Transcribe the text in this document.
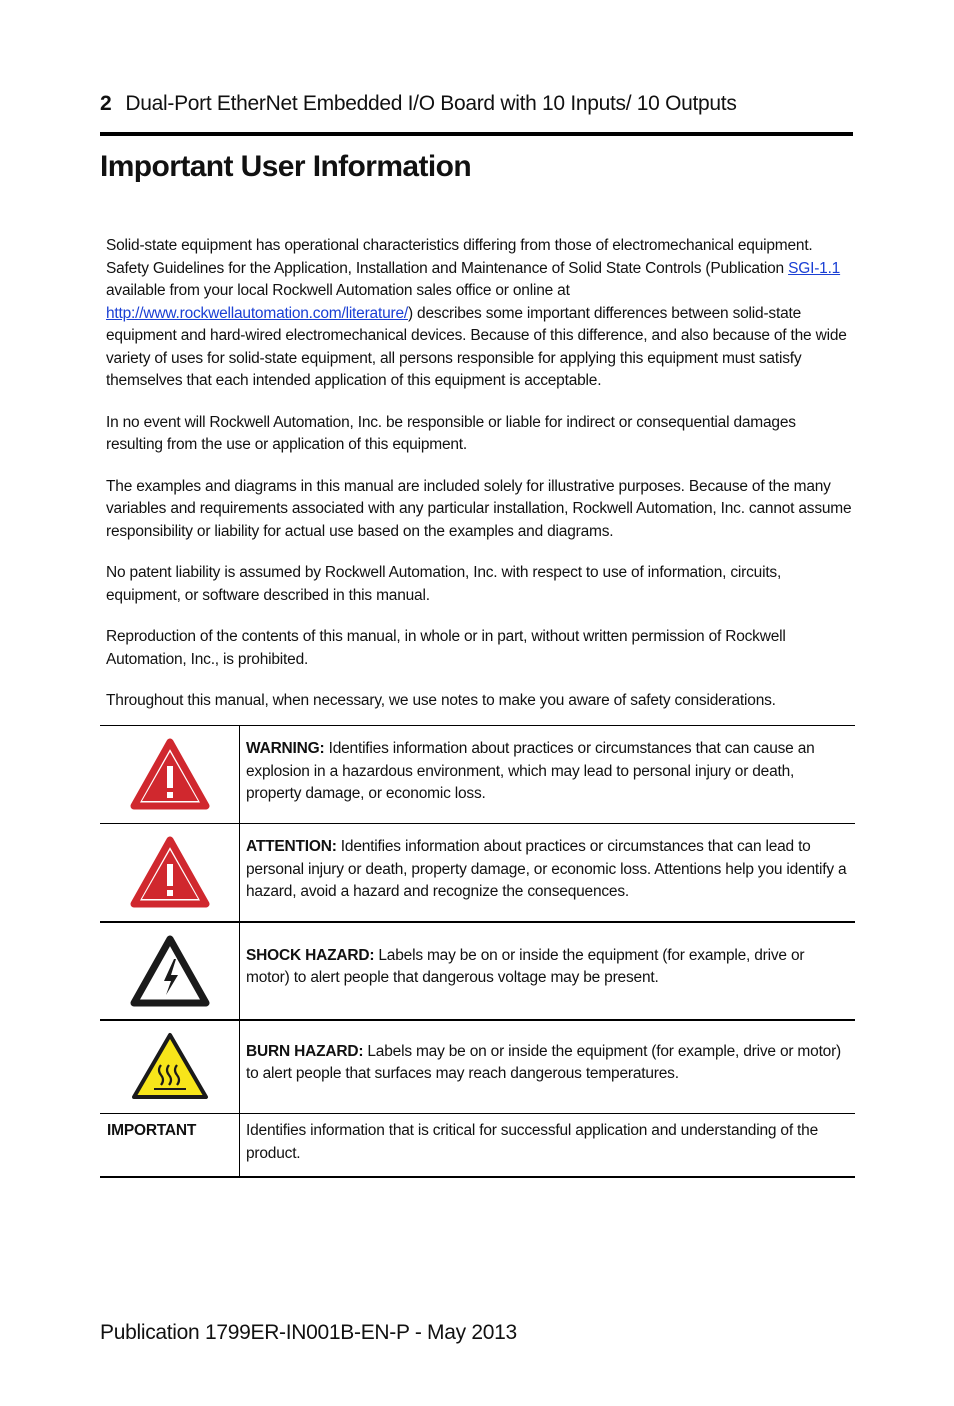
2 Dual-Port EtherNet Embedded I/O Board with 10 Inputs/ 10 Outputs
Important User Information

Solid-state equipment has operational characteristics differing from those of electromechanical equipment. Safety Guidelines for the Application, Installation and Maintenance of Solid State Controls (Publication SGI-1.1 available from your local Rockwell Automation sales office or online at
http://www.rockwellautomation.com/literature/) describes some important differences between solid-state equipment and hard-wired electromechanical devices. Because of this difference, and also because of the wide variety of uses for solid-state equipment, all persons responsible for applying this equipment must satisfy themselves that each intended application of this equipment is acceptable.

In no event will Rockwell Automation, Inc. be responsible or liable for indirect or consequential damages resulting from the use or application of this equipment.

The examples and diagrams in this manual are included solely for illustrative purposes. Because of the many variables and requirements associated with any particular installation, Rockwell Automation, Inc. cannot assume responsibility or liability for actual use based on the examples and diagrams.

No patent liability is assumed by Rockwell Automation, Inc. with respect to use of information, circuits, equipment, or software described in this manual.

Reproduction of the contents of this manual, in whole or in part, without written permission of Rockwell Automation, Inc., is prohibited.

Throughout this manual, when necessary, we use notes to make you aware of safety considerations.

	WARNING: Identifies information about practices or circumstances that can cause an explosion in a hazardous environment, which may lead to personal injury or death, property damage, or economic loss.
	ATTENTION: Identifies information about practices or circumstances that can lead to personal injury or death, property damage, or economic loss. Attentions help you identify a hazard, avoid a hazard and recognize the consequences.
	SHOCK HAZARD: Labels may be on or inside the equipment (for example, drive or motor) to alert people that dangerous voltage may be present.
	BURN HAZARD: Labels may be on or inside the equipment (for example, drive or motor) to alert people that surfaces may reach dangerous temperatures.
IMPORTANT	Identifies information that is critical for successful application and understanding of the product.
Publication 1799ER-IN001B-EN-P - May 2013
